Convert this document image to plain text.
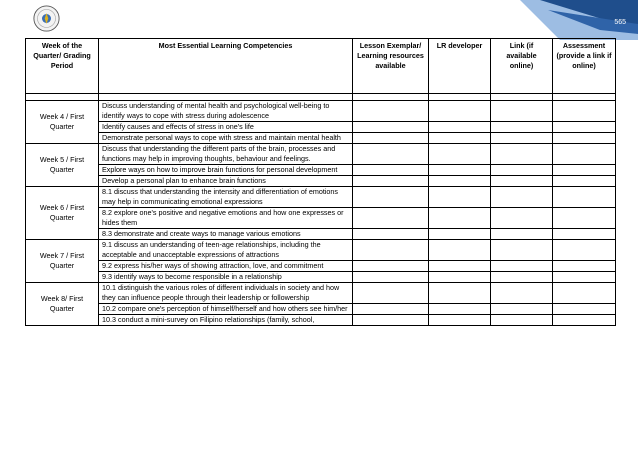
565
Week of the Quarter/ Grading Period	Most Essential Learning Competencies	Lesson Exemplar/ Learning resources available	LR developer	Link (if available online)	Assessment (provide a link if online)

Week 4 / First Quarter	Discuss understanding of mental health and psychological well-being to identify ways to cope with stress during adolescence				
	Identify causes and effects of stress in one's life				
	Demonstrate personal ways to cope with stress and maintain mental health				
Week 5 / First Quarter	Discuss that understanding the different parts of the brain, processes and functions may help in improving thoughts, behaviour and feelings.				
	Explore ways on how to improve brain functions for personal development				
	Develop a personal plan to enhance brain functions				
Week 6 / First Quarter	8.1 discuss that understanding the intensity and differentiation of emotions may help in communicating emotional expressions				
	8.2 explore one's positive and negative emotions and how one expresses or hides them				
	8.3 demonstrate and create ways to manage various emotions				
Week 7 / First Quarter	9.1 discuss an understanding of teen-age relationships, including the acceptable and unacceptable expressions of attractions				
	9.2 express his/her ways of showing attraction, love, and commitment				
	9.3 identify ways to become responsible in a relationship				
Week 8/ First Quarter	10.1 distinguish the various roles of different individuals in society and how they can influence people through their leadership or followership				
	10.2 compare one's perception of himself/herself and how others see him/her				
	10.3 conduct a mini-survey on Filipino relationships (family, school,				
